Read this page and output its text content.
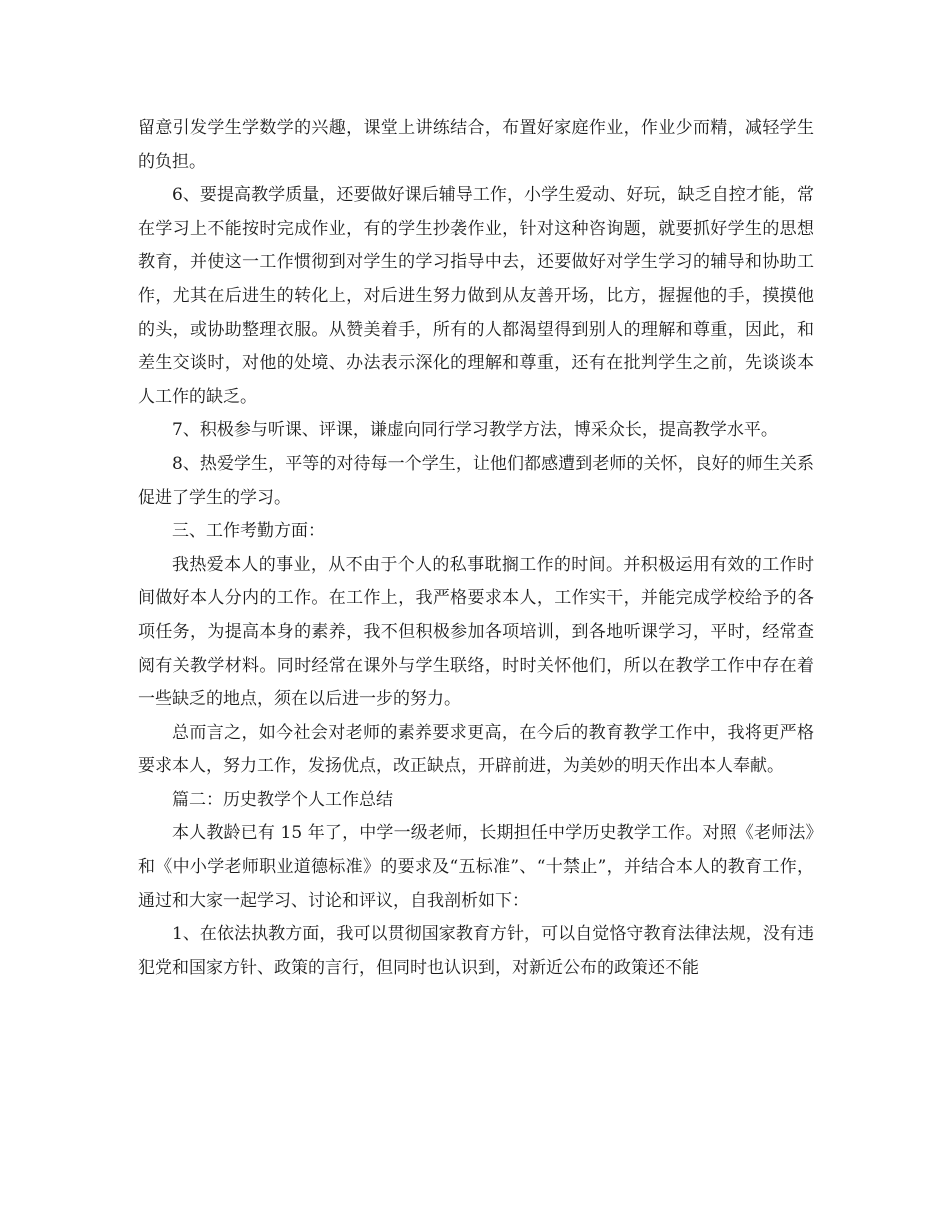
留意引发学生学数学的兴趣，课堂上讲练结合，布置好家庭作业，作业少而精，减轻学生的负担。

6、要提高教学质量，还要做好课后辅导工作，小学生爱动、好玩，缺乏自控才能，常在学习上不能按时完成作业，有的学生抄袭作业，针对这种咨询题，就要抓好学生的思想教育，并使这一工作惯彻到对学生的学习指导中去，还要做好对学生学习的辅导和协助工作，尤其在后进生的转化上，对后进生努力做到从友善开场，比方，握握他的手，摸摸他的头，或协助整理衣服。从赞美着手，所有的人都渴望得到别人的理解和尊重，因此，和差生交谈时，对他的处境、办法表示深化的理解和尊重，还有在批判学生之前，先谈谈本人工作的缺乏。

7、积极参与听课、评课，谦虚向同行学习教学方法，博采众长，提高教学水平。

8、热爱学生，平等的对待每一个学生，让他们都感遭到老师的关怀，良好的师生关系促进了学生的学习。

三、工作考勤方面：

我热爱本人的事业，从不由于个人的私事耽搁工作的时间。并积极运用有效的工作时间做好本人分内的工作。在工作上，我严格要求本人，工作实干，并能完成学校给予的各项任务，为提高本身的素养，我不但积极参加各项培训，到各地听课学习，平时，经常查阅有关教学材料。同时经常在课外与学生联络，时时关怀他们，所以在教学工作中存在着一些缺乏的地点，须在以后进一步的努力。

总而言之，如今社会对老师的素养要求更高，在今后的教育教学工作中，我将更严格要求本人，努力工作，发扬优点，改正缺点，开辟前进，为美妙的明天作出本人奉献。

篇二：历史教学个人工作总结

本人教龄已有 15 年了，中学一级老师，长期担任中学历史教学工作。对照《老师法》和《中小学老师职业道德标准》的要求及“五标准”、“十禁止”，并结合本人的教育工作，通过和大家一起学习、讨论和评议，自我剖析如下：

1、在依法执教方面，我可以贯彻国家教育方针，可以自觉恪守教育法律法规，没有违犯党和国家方针、政策的言行，但同时也认识到，对新近公布的政策还不能
